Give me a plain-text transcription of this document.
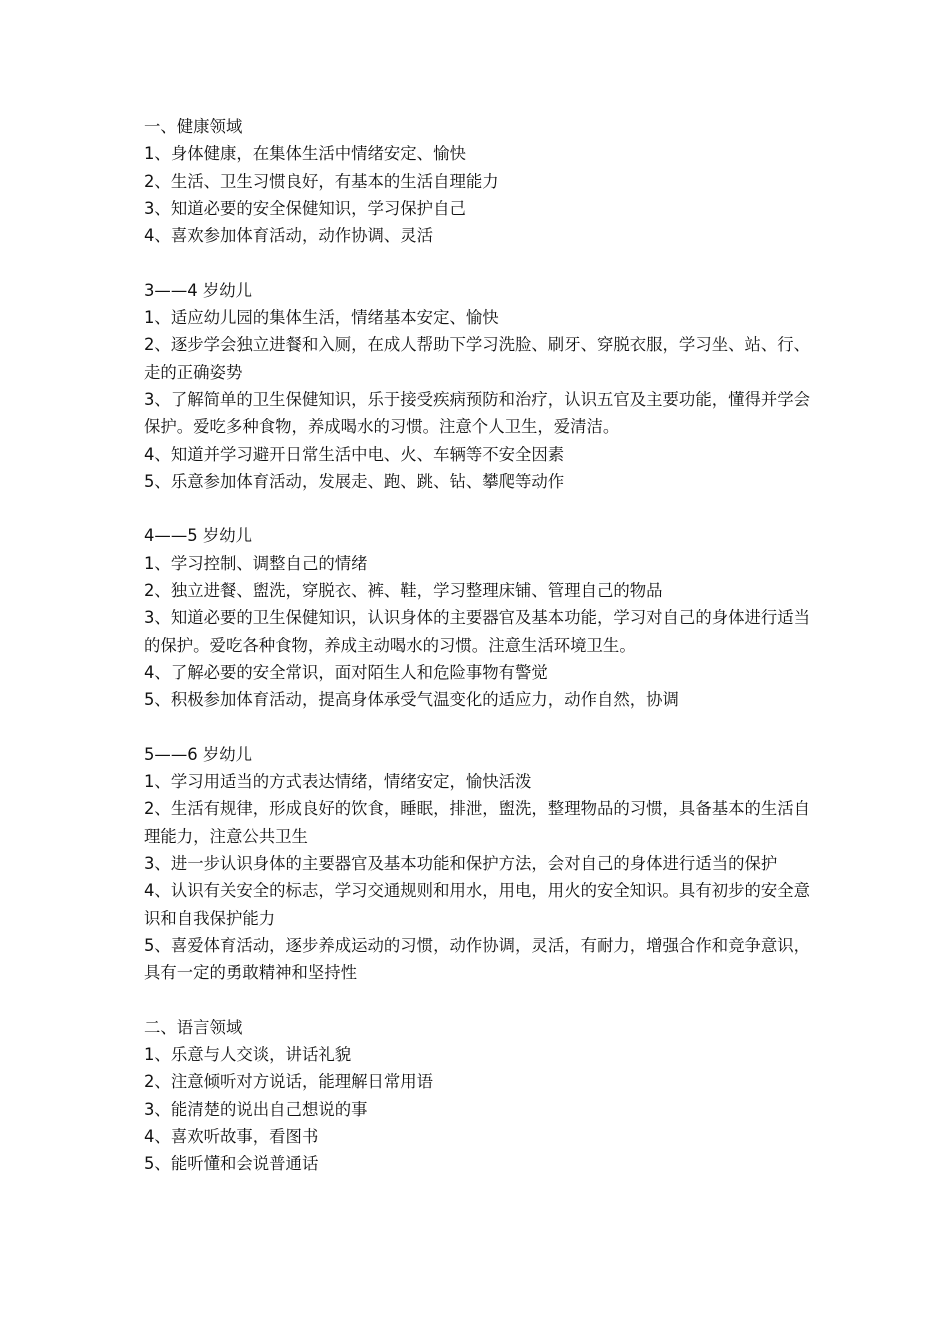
一、健康领域

1、身体健康，在集体生活中情绪安定、愉快

2、生活、卫生习惯良好，有基本的生活自理能力

3、知道必要的安全保健知识，学习保护自己

4、喜欢参加体育活动，动作协调、灵活

3——4 岁幼儿

1、适应幼儿园的集体生活，情绪基本安定、愉快

2、逐步学会独立进餐和入厕，在成人帮助下学习洗脸、刷牙、穿脱衣服，学习坐、站、行、走的正确姿势

3、了解简单的卫生保健知识，乐于接受疾病预防和治疗，认识五官及主要功能，懂得并学会保护。爱吃多种食物，养成喝水的习惯。注意个人卫生，爱清洁。

4、知道并学习避开日常生活中电、火、车辆等不安全因素

5、乐意参加体育活动，发展走、跑、跳、钻、攀爬等动作

4——5 岁幼儿

1、学习控制、调整自己的情绪

2、独立进餐、盥洗，穿脱衣、裤、鞋，学习整理床铺、管理自己的物品

3、知道必要的卫生保健知识，认识身体的主要器官及基本功能，学习对自己的身体进行适当的保护。爱吃各种食物，养成主动喝水的习惯。注意生活环境卫生。

4、了解必要的安全常识，面对陌生人和危险事物有警觉

5、积极参加体育活动，提高身体承受气温变化的适应力，动作自然，协调

5——6 岁幼儿

1、学习用适当的方式表达情绪，情绪安定，愉快活泼

2、生活有规律，形成良好的饮食，睡眠，排泄，盥洗，整理物品的习惯，具备基本的生活自理能力，注意公共卫生

3、进一步认识身体的主要器官及基本功能和保护方法，会对自己的身体进行适当的保护

4、认识有关安全的标志，学习交通规则和用水，用电，用火的安全知识。具有初步的安全意识和自我保护能力

5、喜爱体育活动，逐步养成运动的习惯，动作协调，灵活，有耐力，增强合作和竞争意识，具有一定的勇敢精神和坚持性

二、语言领域

1、乐意与人交谈，讲话礼貌

2、注意倾听对方说话，能理解日常用语

3、能清楚的说出自己想说的事

4、喜欢听故事，看图书

5、能听懂和会说普通话
